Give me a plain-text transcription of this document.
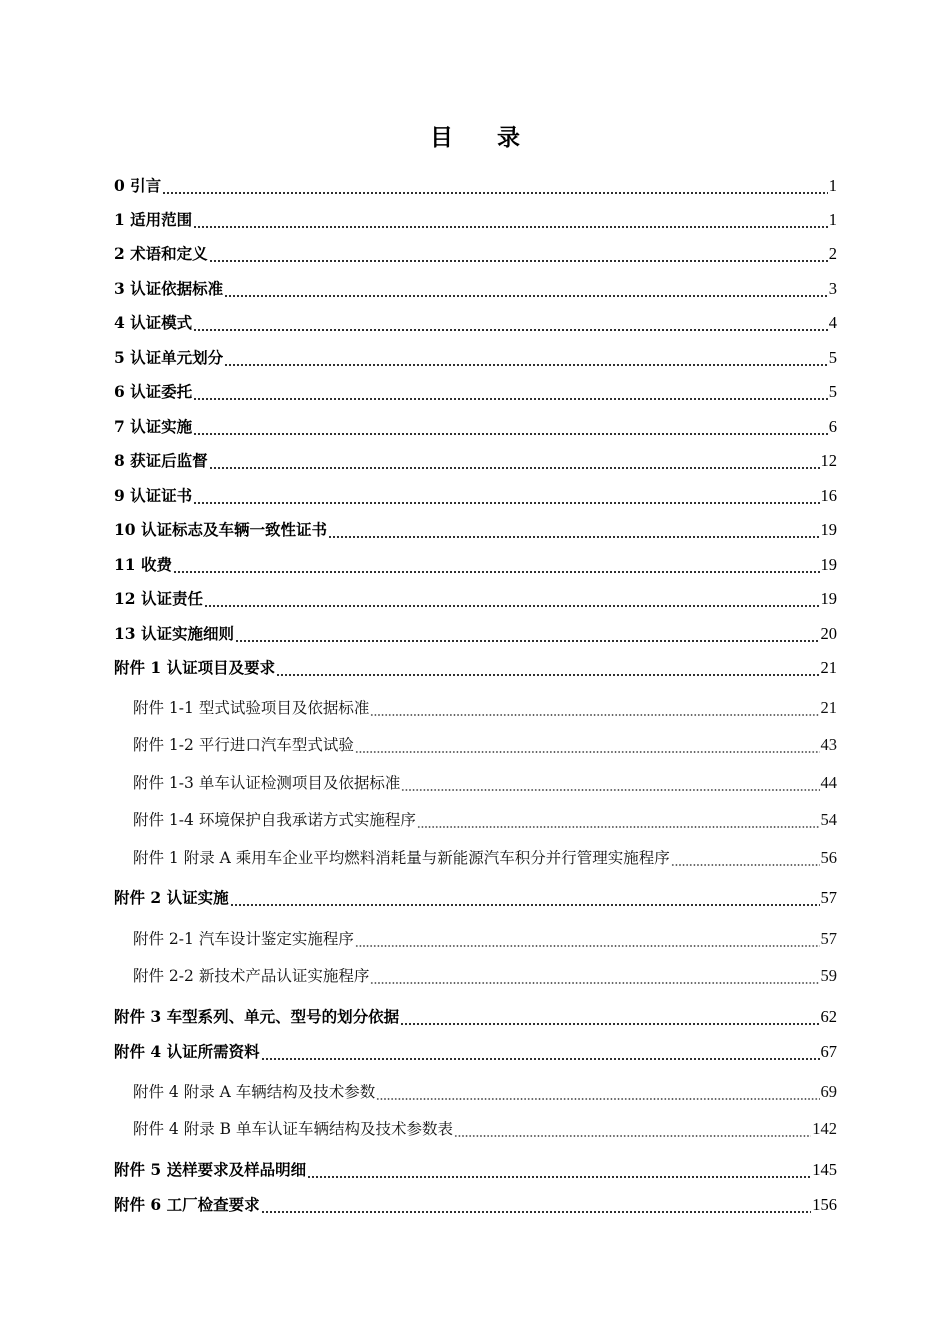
目 录
0 引言	1
1 适用范围	1
2 术语和定义	2
3 认证依据标准	3
4 认证模式	4
5 认证单元划分	5
6 认证委托	5
7 认证实施	6
8 获证后监督	12
9 认证证书	16
10 认证标志及车辆一致性证书	19
11 收费	19
12 认证责任	19
13 认证实施细则	20
附件 1 认证项目及要求	21
附件 1-1 型式试验项目及依据标准	21
附件 1-2 平行进口汽车型式试验	43
附件 1-3 单车认证检测项目及依据标准	44
附件 1-4 环境保护自我承诺方式实施程序	54
附件 1 附录 A 乘用车企业平均燃料消耗量与新能源汽车积分并行管理实施程序	56
附件 2 认证实施	57
附件 2-1 汽车设计鉴定实施程序	57
附件 2-2 新技术产品认证实施程序	59
附件 3 车型系列、单元、型号的划分依据	62
附件 4 认证所需资料	67
附件 4 附录 A 车辆结构及技术参数	69
附件 4 附录 B 单车认证车辆结构及技术参数表	142
附件 5 送样要求及样品明细	145
附件 6 工厂检查要求	156
